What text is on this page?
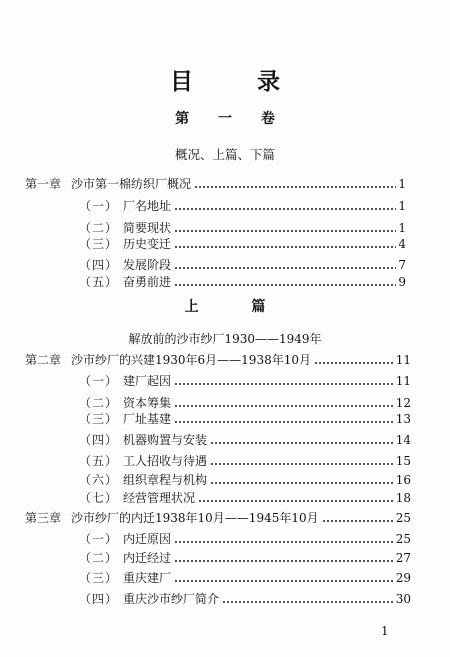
目 录
第 一 卷
概况、上篇、下篇
第一章 沙市第一棉纺织厂概况	1
（一） 厂名地址	1
（二） 简要现状	1
（三） 历史变迁	4
（四） 发展阶段	7
（五） 奋勇前进	9
上 篇
解放前的沙市纱厂1930——1949年
第二章 沙市纱厂的兴建1930年6月——1938年10月	11
（一） 建厂起因	11
（二） 资本筹集	12
（三） 厂址基建	13
（四） 机器购置与安装	14
（五） 工人招收与待遇	15
（六） 组织章程与机构	16
（七） 经营管理状况	18
第三章 沙市纱厂的内迁1938年10月——1945年10月	25
（一） 内迁原因	25
（二） 内迁经过	27
（三） 重庆建厂	29
（四） 重庆沙市纱厂简介	30
1
